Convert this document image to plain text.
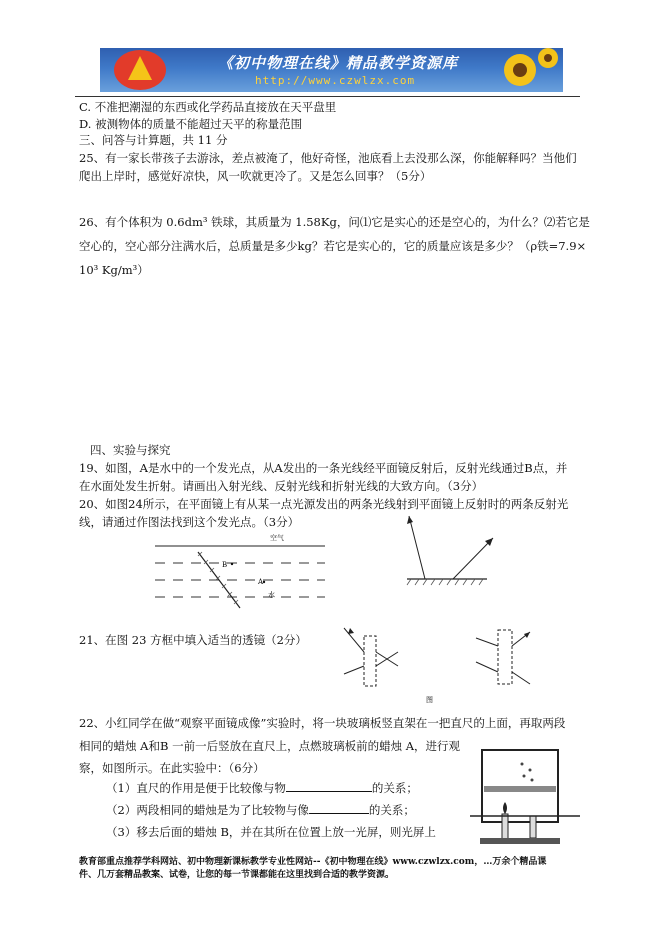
《初中物理在线》精品教学资源库
http://www.czwlzx.com
C. 不准把潮湿的东西或化学药品直接放在天平盘里
D. 被测物体的质量不能超过天平的称量范围
三、问答与计算题，共 11 分
25、有一家长带孩子去游泳，差点被淹了，他好奇怪，池底看上去没那么深，你能解释吗？当他们
爬出上岸时，感觉好凉快，风一吹就更冷了。又是怎么回事？（5分）
26、有个体积为 0.6dm³ 铁球，其质量为 1.58Kg，问⑴它是实心的还是空心的，为什么？⑵若它是
空心的，空心部分注满水后，总质量是多少kg？若它是实心的，它的质量应该是多少？（ρ铁=7.9×
10³ Kg/m³）
四、实验与探究
19、如图，A是水中的一个发光点，从A发出的一条光线经平面镜反射后，反射光线通过B点，并
在水面处发生折射。请画出入射光线、反射光线和折射光线的大致方向。（3分）
20、如图24所示，在平面镜上有从某一点光源发出的两条光线射到平面镜上反射时的两条反射光
线，请通过作图法找到这个发光点。（3分）
空气
B
A
水
21、在图 23 方框中填入适当的透镜（2分）
图
22、小红同学在做“观察平面镜成像”实验时，将一块玻璃板竖直架在一把直尺的上面，再取两段
相同的蜡烛 A和B 一前一后竖放在直尺上，点燃玻璃板前的蜡烛 A，进行观
察，如图所示。在此实验中：（6分）
（1）直尺的作用是便于比较像与物	的关系；
（2）两段相同的蜡烛是为了比较物与像	的关系；
（3）移去后面的蜡烛 B，并在其所在位置上放一光屏，则光屏上
教育部重点推荐学科网站、初中物理新课标教学专业性网站--《初中物理在线》www.czwlzx.com，…万余个精品课
件、几万套精品教案、试卷，让您的每一节课都能在这里找到合适的教学资源。
